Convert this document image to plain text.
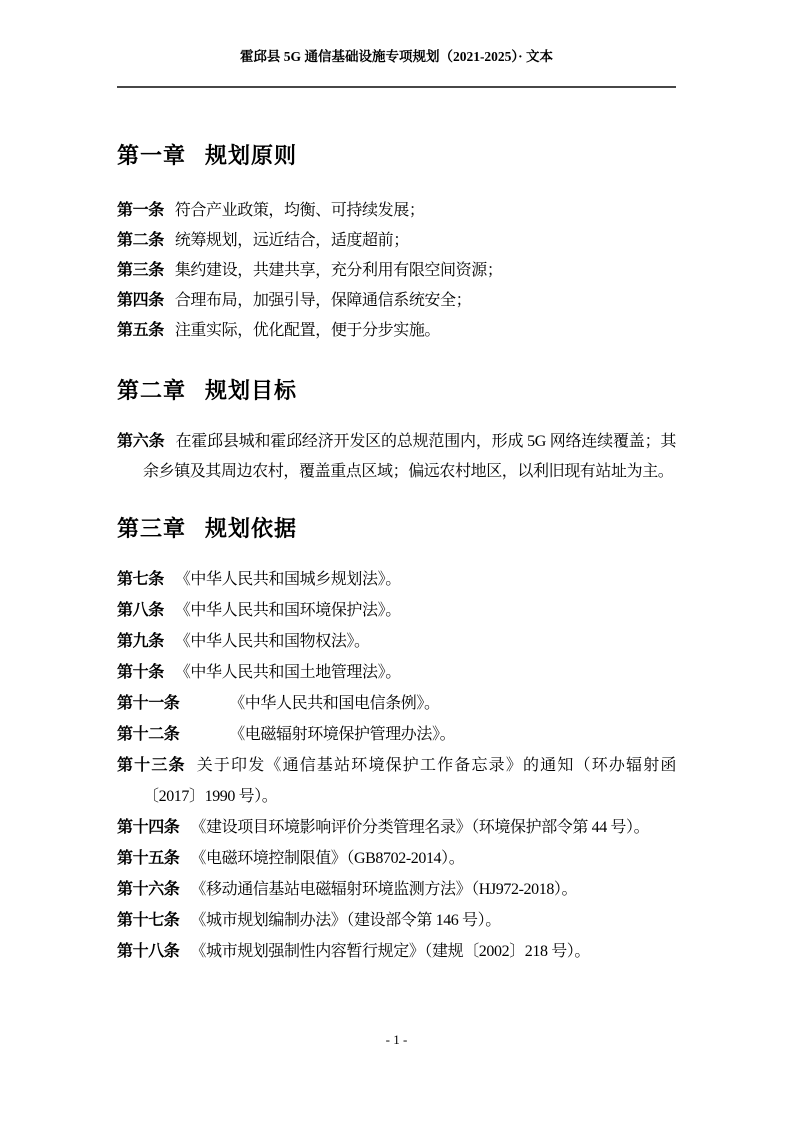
霍邱县 5G 通信基础设施专项规划（2021-2025）· 文本
第一章 规划原则

第一条 符合产业政策，均衡、可持续发展；

第二条 统筹规划，远近结合，适度超前；

第三条 集约建设，共建共享，充分利用有限空间资源；

第四条 合理布局，加强引导，保障通信系统安全；

第五条 注重实际，优化配置，便于分步实施。

第二章 规划目标

第六条 在霍邱县城和霍邱经济开发区的总规范围内，形成 5G 网络连续覆盖；其余乡镇及其周边农村，覆盖重点区域；偏远农村地区，以利旧现有站址为主。

第三章 规划依据

第七条 《中华人民共和国城乡规划法》。

第八条 《中华人民共和国环境保护法》。

第九条 《中华人民共和国物权法》。

第十条 《中华人民共和国土地管理法》。

第十一条　　　《中华人民共和国电信条例》。

第十二条　　　《电磁辐射环境保护管理办法》。

第十三条 关于印发《通信基站环境保护工作备忘录》的通知（环办辐射函〔2017〕1990 号）。

第十四条 《建设项目环境影响评价分类管理名录》（环境保护部令第 44 号）。

第十五条 《电磁环境控制限值》（GB8702-2014）。

第十六条 《移动通信基站电磁辐射环境监测方法》（HJ972-2018）。

第十七条 《城市规划编制办法》（建设部令第 146 号）。

第十八条 《城市规划强制性内容暂行规定》（建规〔2002〕218 号）。

- 1 -
